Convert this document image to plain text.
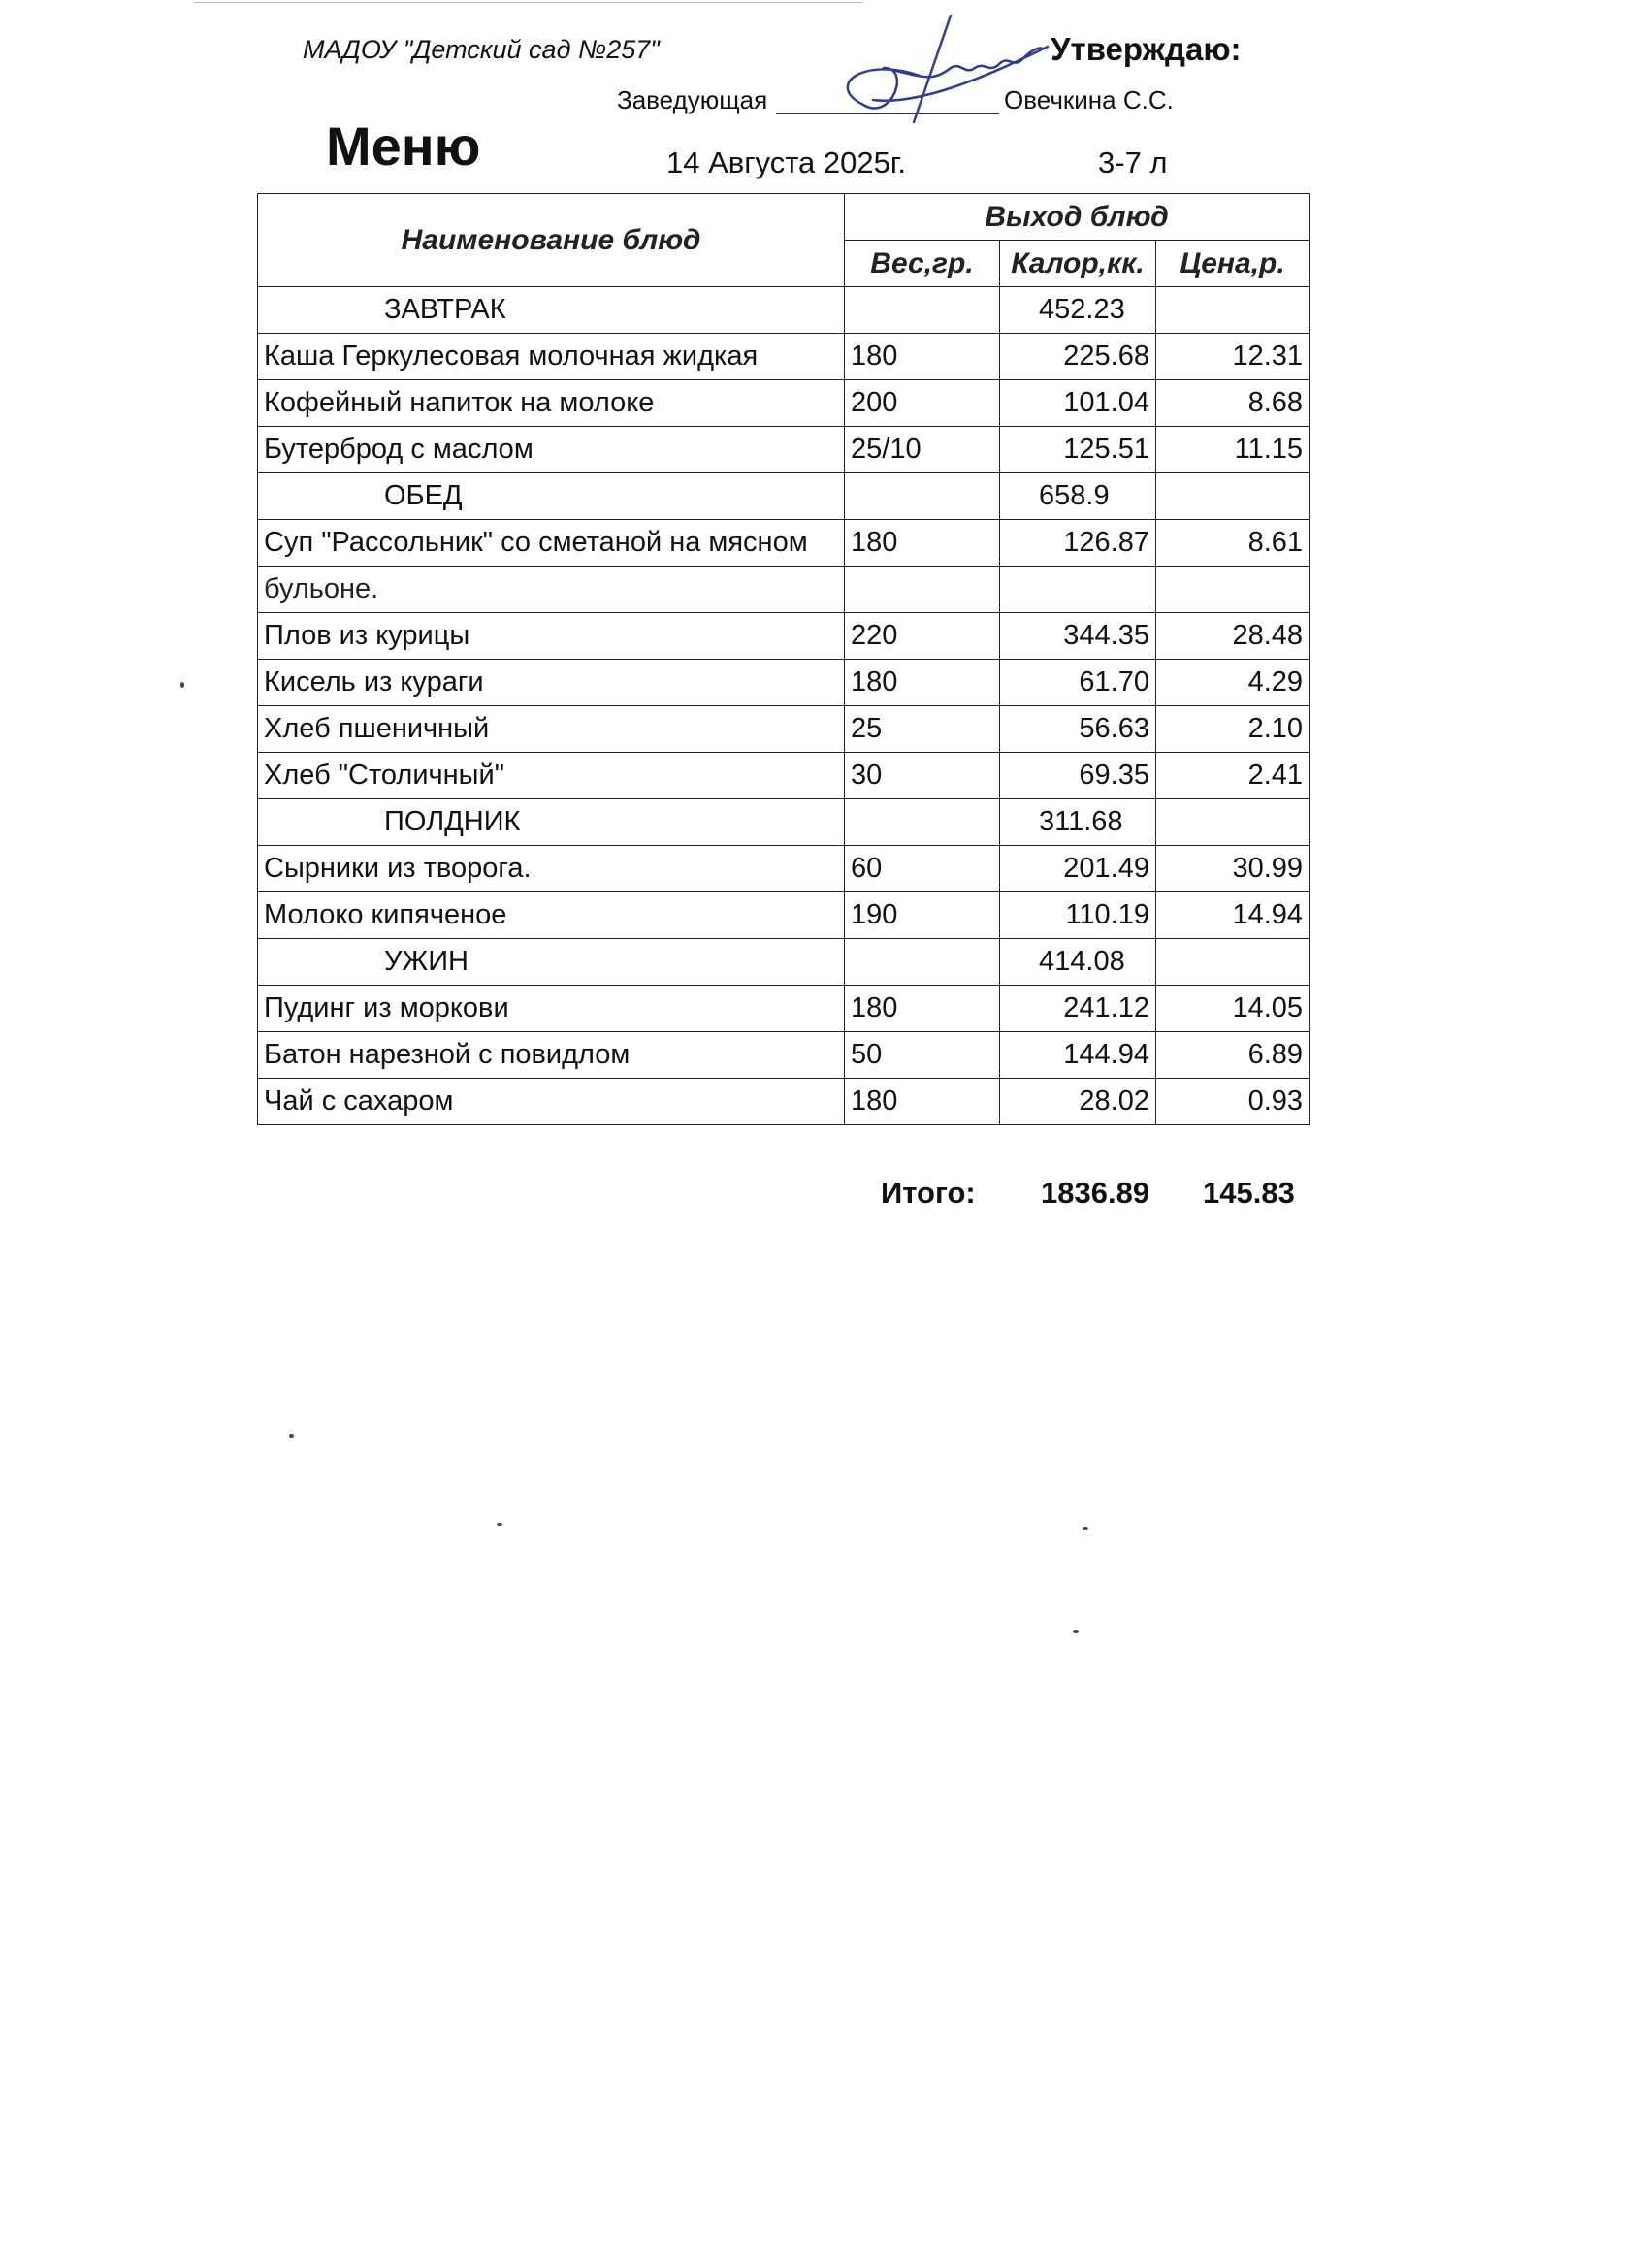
МАДОУ "Детский сад №257"	Утверждаю:
Заведующая	Овечкина С.С.
Меню	14 Августа 2025г.	3-7 л
Наименование блюд	Выход блюд		
	Вес,гр.	Калор,кк.	Цена,р.
ЗАВТРАК		452.23	
Каша Геркулесовая молочная жидкая	180	225.68	12.31
Кофейный напиток на молоке	200	101.04	8.68
Бутерброд с маслом	25/10	125.51	11.15
ОБЕД		658.9	
Суп "Рассольник" со сметаной на мясном	180	126.87	8.61
бульоне.			
Плов из курицы	220	344.35	28.48
Кисель из кураги	180	61.70	4.29
Хлеб пшеничный	25	56.63	2.10
Хлеб "Столичный"	30	69.35	2.41
ПОЛДНИК		311.68	
Сырники из творога.	60	201.49	30.99
Молоко кипяченое	190	110.19	14.94
УЖИН		414.08	
Пудинг из моркови	180	241.12	14.05
Батон нарезной с повидлом	50	144.94	6.89
Чай с сахаром	180	28.02	0.93
Итого: 1836.89 145.83
